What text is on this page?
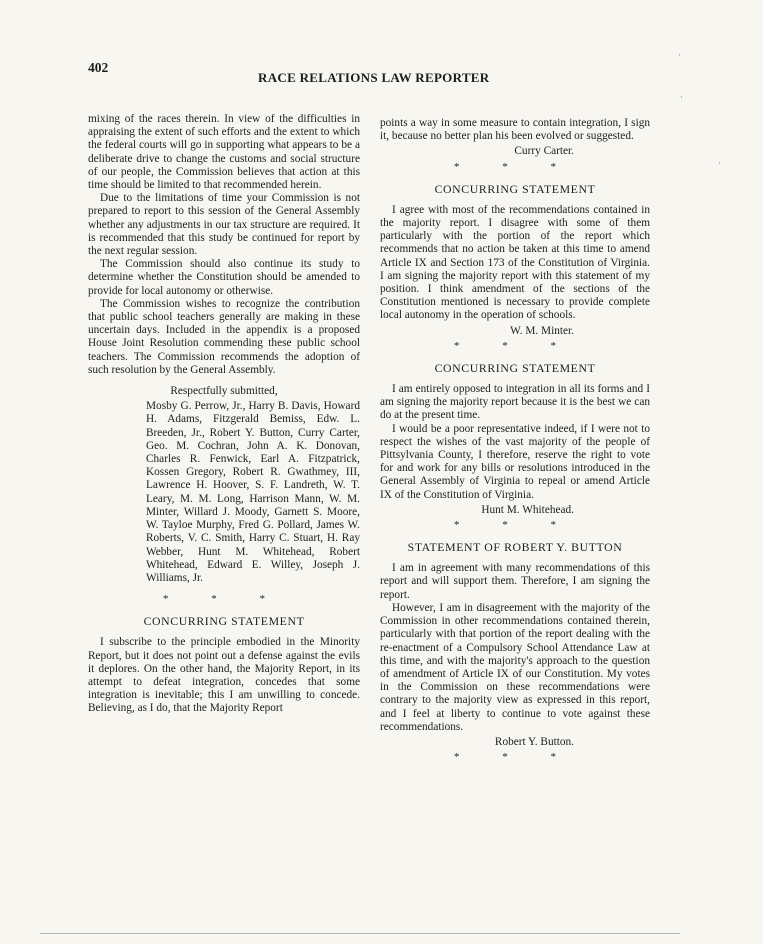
402
RACE RELATIONS LAW REPORTER

mixing of the races therein. In view of the difficulties in appraising the extent of such efforts and the extent to which the federal courts will go in supporting what appears to be a deliberate drive to change the customs and social structure of our people, the Commission believes that action at this time should be limited to that recommended herein.

Due to the limitations of time your Commission is not prepared to report to this session of the General Assembly whether any adjustments in our tax structure are required. It is recommended that this study be continued for report by the next regular session.

The Commission should also continue its study to determine whether the Constitution should be amended to provide for local autonomy or otherwise.

The Commission wishes to recognize the contribution that public school teachers generally are making in these uncertain days. Included in the appendix is a proposed House Joint Resolution commending these public school teachers. The Commission recommends the adoption of such resolution by the General Assembly.

Respectfully submitted,
Mosby G. Perrow, Jr., Harry B. Davis, Howard H. Adams, Fitzgerald Bemiss, Edw. L. Breeden, Jr., Robert Y. Button, Curry Carter, Geo. M. Cochran, John A. K. Donovan, Charles R. Fenwick, Earl A. Fitzpatrick, Kossen Gregory, Robert R. Gwathmey, III, Lawrence H. Hoover, S. F. Landreth, W. T. Leary, M. M. Long, Harrison Mann, W. M. Minter, Willard J. Moody, Garnett S. Moore, W. Tayloe Murphy, Fred G. Pollard, James W. Roberts, V. C. Smith, Harry C. Stuart, H. Ray Webber, Hunt M. Whitehead, Robert Whitehead, Edward E. Willey, Joseph J. Williams, Jr.
* * *
CONCURRING STATEMENT

I subscribe to the principle embodied in the Minority Report, but it does not point out a defense against the evils it deplores. On the other hand, the Majority Report, in its attempt to defeat integration, concedes that some integration is inevitable; this I am unwilling to concede. Believing, as I do, that the Majority Report

points a way in some measure to contain integration, I sign it, because no better plan his been evolved or suggested.

Curry Carter.
* * *
CONCURRING STATEMENT

I agree with most of the recommendations contained in the majority report. I disagree with some of them particularly with the portion of the report which recommends that no action be taken at this time to amend Article IX and Section 173 of the Constitution of Virginia. I am signing the majority report with this statement of my position. I think amendment of the sections of the Constitution mentioned is necessary to provide complete local autonomy in the operation of schools.

W. M. Minter.
* * *
CONCURRING STATEMENT

I am entirely opposed to integration in all its forms and I am signing the majority report because it is the best we can do at the present time.

I would be a poor representative indeed, if I were not to respect the wishes of the vast majority of the people of Pittsylvania County, I therefore, reserve the right to vote for and work for any bills or resolutions introduced in the General Assembly of Virginia to repeal or amend Article IX of the Constitution of Virginia.

Hunt M. Whitehead.
* * *
STATEMENT OF ROBERT Y. BUTTON

I am in agreement with many recommendations of this report and will support them. Therefore, I am signing the report.

However, I am in disagreement with the majority of the Commission in other recommendations contained therein, particularly with that portion of the report dealing with the re-enactment of a Compulsory School Attendance Law at this time, and with the majority's approach to the question of amendment of Article IX of our Constitution. My votes in the Commission on these recommendations were contrary to the majority view as expressed in this report, and I feel at liberty to continue to vote against these recommendations.

Robert Y. Button.
* * *
·
·
·
